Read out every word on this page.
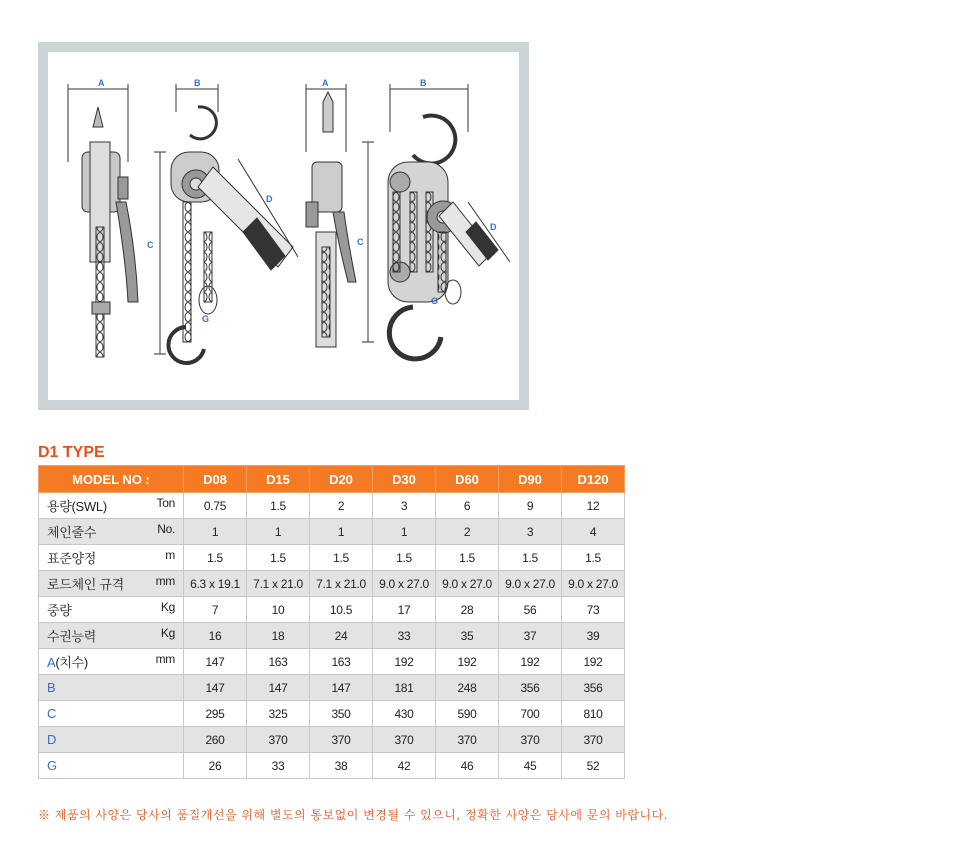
A	B
C
D
G
A	B
C
D
G
D1 TYPE
MODEL NO :	D08	D15	D20	D30	D60	D90	D120

Ton
용량(SWL)	0.75	1.5	2	3	6	9	12

No.
체인줄수	1	1	1	1	2	3	4

m
표준양정	1.5	1.5	1.5	1.5	1.5	1.5	1.5

mm
로드체인 규격	6.3 x 19.1	7.1 x 21.0	7.1 x 21.0	9.0 x 27.0	9.0 x 27.0	9.0 x 27.0	9.0 x 27.0

Kg
중량	7	10	10.5	17	28	56	73

Kg
수권능력	16	18	24	33	35	37	39

mm
A(치수)	147	163	163	192	192	192	192

B	147	147	147	181	248	356	356

C	295	325	350	430	590	700	810

D	260	370	370	370	370	370	370

G	26	33	38	42	46	45	52
※ 제품의 사양은 당사의 품질개선을 위해 별도의 통보없이 변경될 수 있으니, 정확한 사양은 당사에 문의 바랍니다.
